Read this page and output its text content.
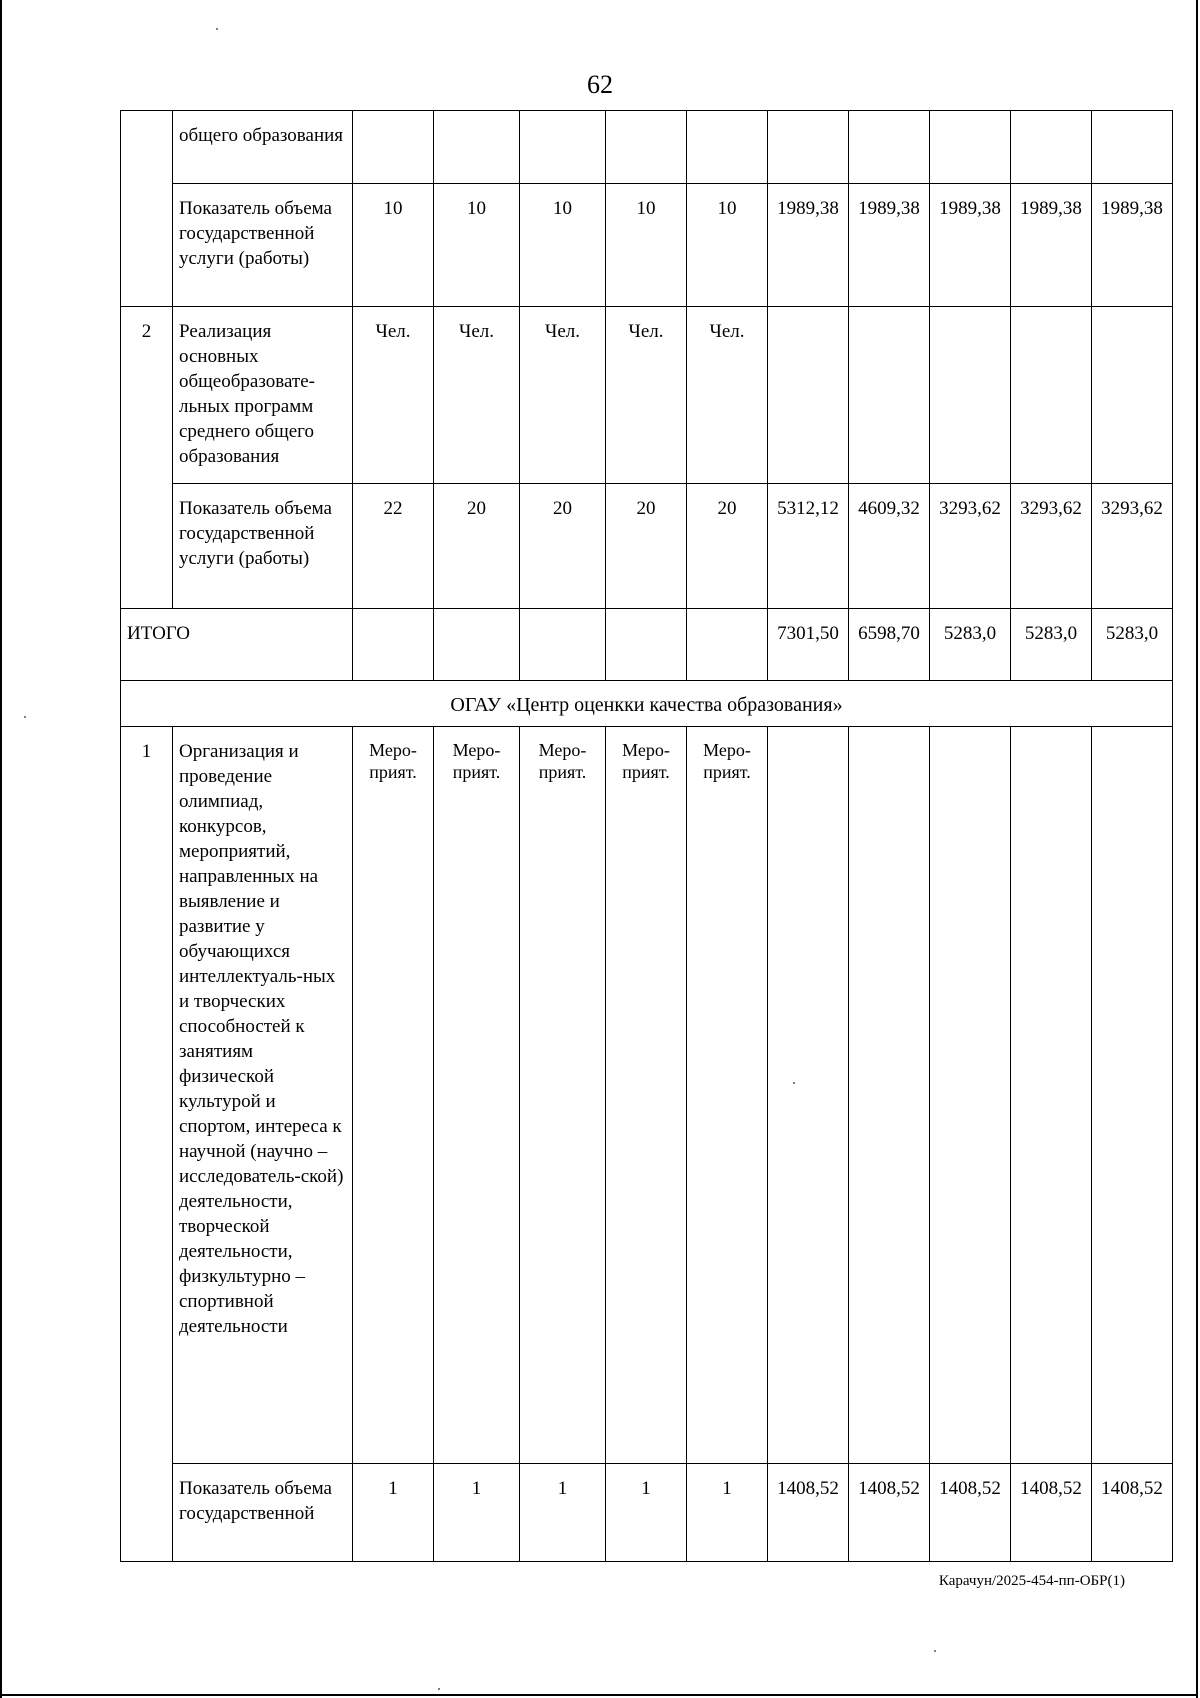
62
	общего образования										
	Показатель объема государственной услуги (работы)	10	10	10	10	10	1989,38	1989,38	1989,38	1989,38	1989,38
2	Реализация основных общеобразовате-льных программ среднего общего образования	Чел.	Чел.	Чел.	Чел.	Чел.					
	Показатель объема государственной услуги (работы)	22	20	20	20	20	5312,12	4609,32	3293,62	3293,62	3293,62
ИТОГО							7301,50	6598,70	5283,0	5283,0	5283,0
ОГАУ «Центр оценкки качества образования»											
1	Организация и проведение олимпиад, конкурсов, мероприятий, направленных на выявление и развитие у обучающихся интеллектуаль-ных и творческих способностей к занятиям физической культурой и спортом, интереса к научной (научно – исследователь-ской) деятельности, творческой деятельности, физкультурно – спортивной деятельности	Меро-прият.	Меро-прият.	Меро-прият.	Меро-прият.	Меро-прият.					
	Показатель объема государственной	1	1	1	1	1	1408,52	1408,52	1408,52	1408,52	1408,52
Карачун/2025-454-пп-ОБР(1)
